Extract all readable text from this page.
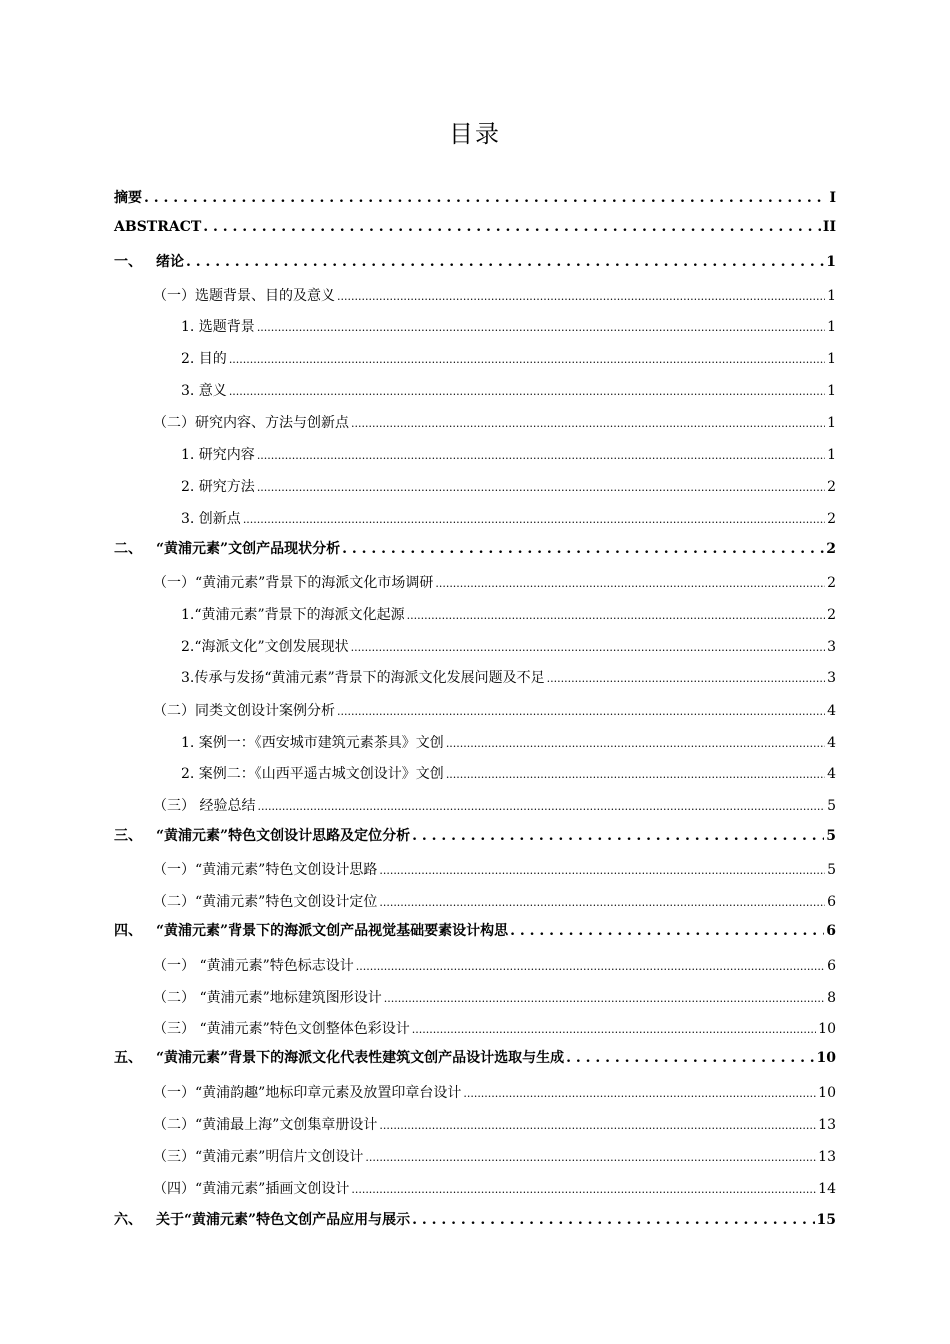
目录
摘要 . . .	I
ABSTRACT . . .	II
一、 绪论 . . .	1
（一）选题背景、目的及意义 .....	1
1. 选题背景 .....	1
2. 目的 .....	1
3. 意义 .....	1
（二）研究内容、方法与创新点 .....	1
1. 研究内容 .....	1
2. 研究方法 .....	2
3. 创新点 .....	2
二、 “黄浦元素”文创产品现状分析 . . .	2
（一）“黄浦元素”背景下的海派文化市场调研 .....	2
1.“黄浦元素”背景下的海派文化起源 .....	2
2.“海派文化”文创发展现状 .....	3
3.传承与发扬“黄浦元素”背景下的海派文化发展问题及不足 .....	3
（二）同类文创设计案例分析 .....	4
1. 案例一：《西安城市建筑元素茶具》文创 .....	4
2. 案例二：《山西平遥古城文创设计》文创 .....	4
（三） 经验总结 .....	5
三、 “黄浦元素”特色文创设计思路及定位分析 . . .	5
（一）“黄浦元素”特色文创设计思路 .....	5
（二）“黄浦元素”特色文创设计定位 .....	6
四、 “黄浦元素”背景下的海派文创产品视觉基础要素设计构思 . . .	6
（一） “黄浦元素”特色标志设计 .....	6
（二） “黄浦元素”地标建筑图形设计 .....	8
（三） “黄浦元素”特色文创整体色彩设计 .....	10
五、 “黄浦元素”背景下的海派文化代表性建筑文创产品设计选取与生成 . . .	10
（一）“黄浦韵趣”地标印章元素及放置印章台设计 .....	10
（二）“黄浦最上海”文创集章册设计 .....	13
（三）“黄浦元素”明信片文创设计 .....	13
（四）“黄浦元素”插画文创设计 .....	14
六、 关于“黄浦元素”特色文创产品应用与展示 . . .	15
